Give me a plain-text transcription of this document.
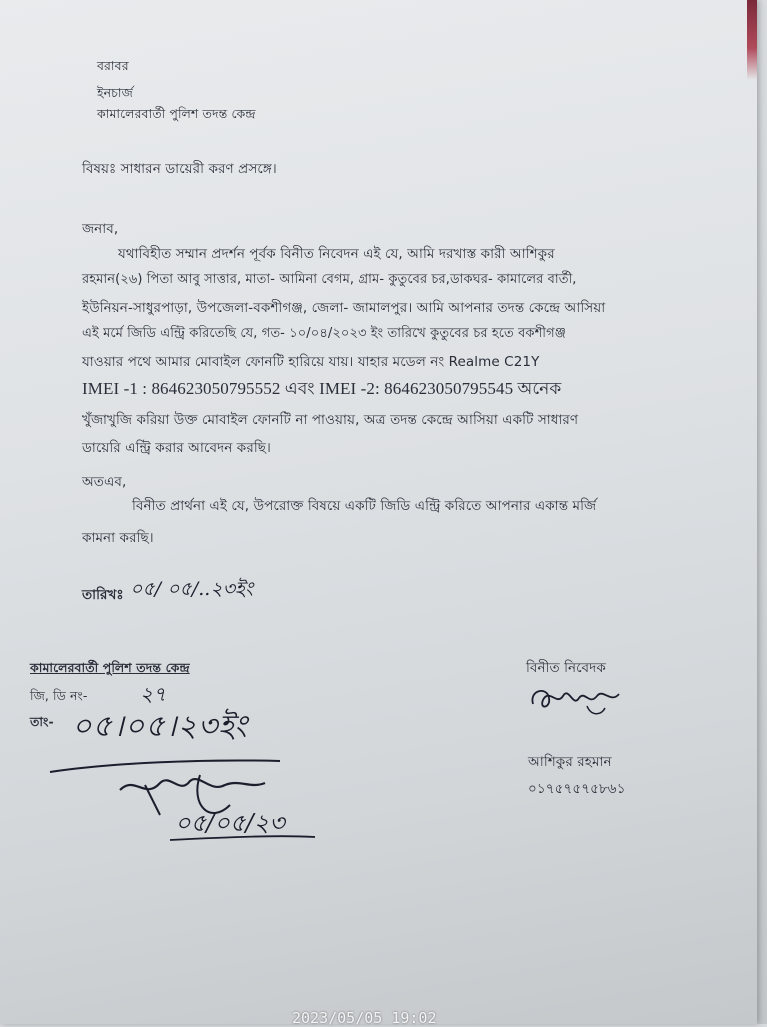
বরাবর
ইনচার্জ
কামালেরবার্তী পুলিশ তদন্ত কেন্দ্র
বিষয়ঃ সাধারন ডায়েরী করণ প্রসঙ্গে।
জনাব,
যথাবিহীত সম্মান প্রদর্শন পূর্বক বিনীত নিবেদন এই যে, আমি দরখাস্ত কারী আশিকুর
রহমান(২৬) পিতা আবু সাত্তার, মাতা- আমিনা বেগম, গ্রাম- কুতুবের চর,ডাকঘর- কামালের বার্তী,
ইউনিয়ন-সাধুরপাড়া, উপজেলা-বকশীগঞ্জ, জেলা- জামালপুর। আমি আপনার তদন্ত কেন্দ্রে আসিয়া
এই মর্মে জিডি এন্ট্রি করিতেছি যে, গত- ১০/০৪/২০২৩ ইং তারিখে কুতুবের চর হতে বকশীগঞ্জ
যাওয়ার পথে আমার মোবাইল ফোনটি হারিয়ে যায়। যাহার মডেল নং Realme C21Y
IMEI -1 : 864623050795552 এবং IMEI -2: 864623050795545 অনেক
খুঁজাখুজি করিয়া উক্ত মোবাইল ফোনটি না পাওয়ায়, অত্র তদন্ত কেন্দ্রে আসিয়া একটি সাধারণ
ডায়েরি এন্ট্রি করার আবেদন করছি।
অতএব,
বিনীত প্রার্থনা এই যে, উপরোক্ত বিষয়ে একটি জিডি এন্ট্রি করিতে আপনার একান্ত মর্জি
কামনা করছি।
তারিখঃ ০৫/ ০৫/..২৩ইং
কামালেরবার্তী পুলিশ তদন্ত কেন্দ্র
জি, ডি নং-	২৭
তাং- ০৫।০৫।২৩ইং
০৫/০৫/২৩
বিনীত নিবেদক
আশিকুর রহমান
০১৭৫৭৫৭৫৮৬১
2023/05/05 19:02
